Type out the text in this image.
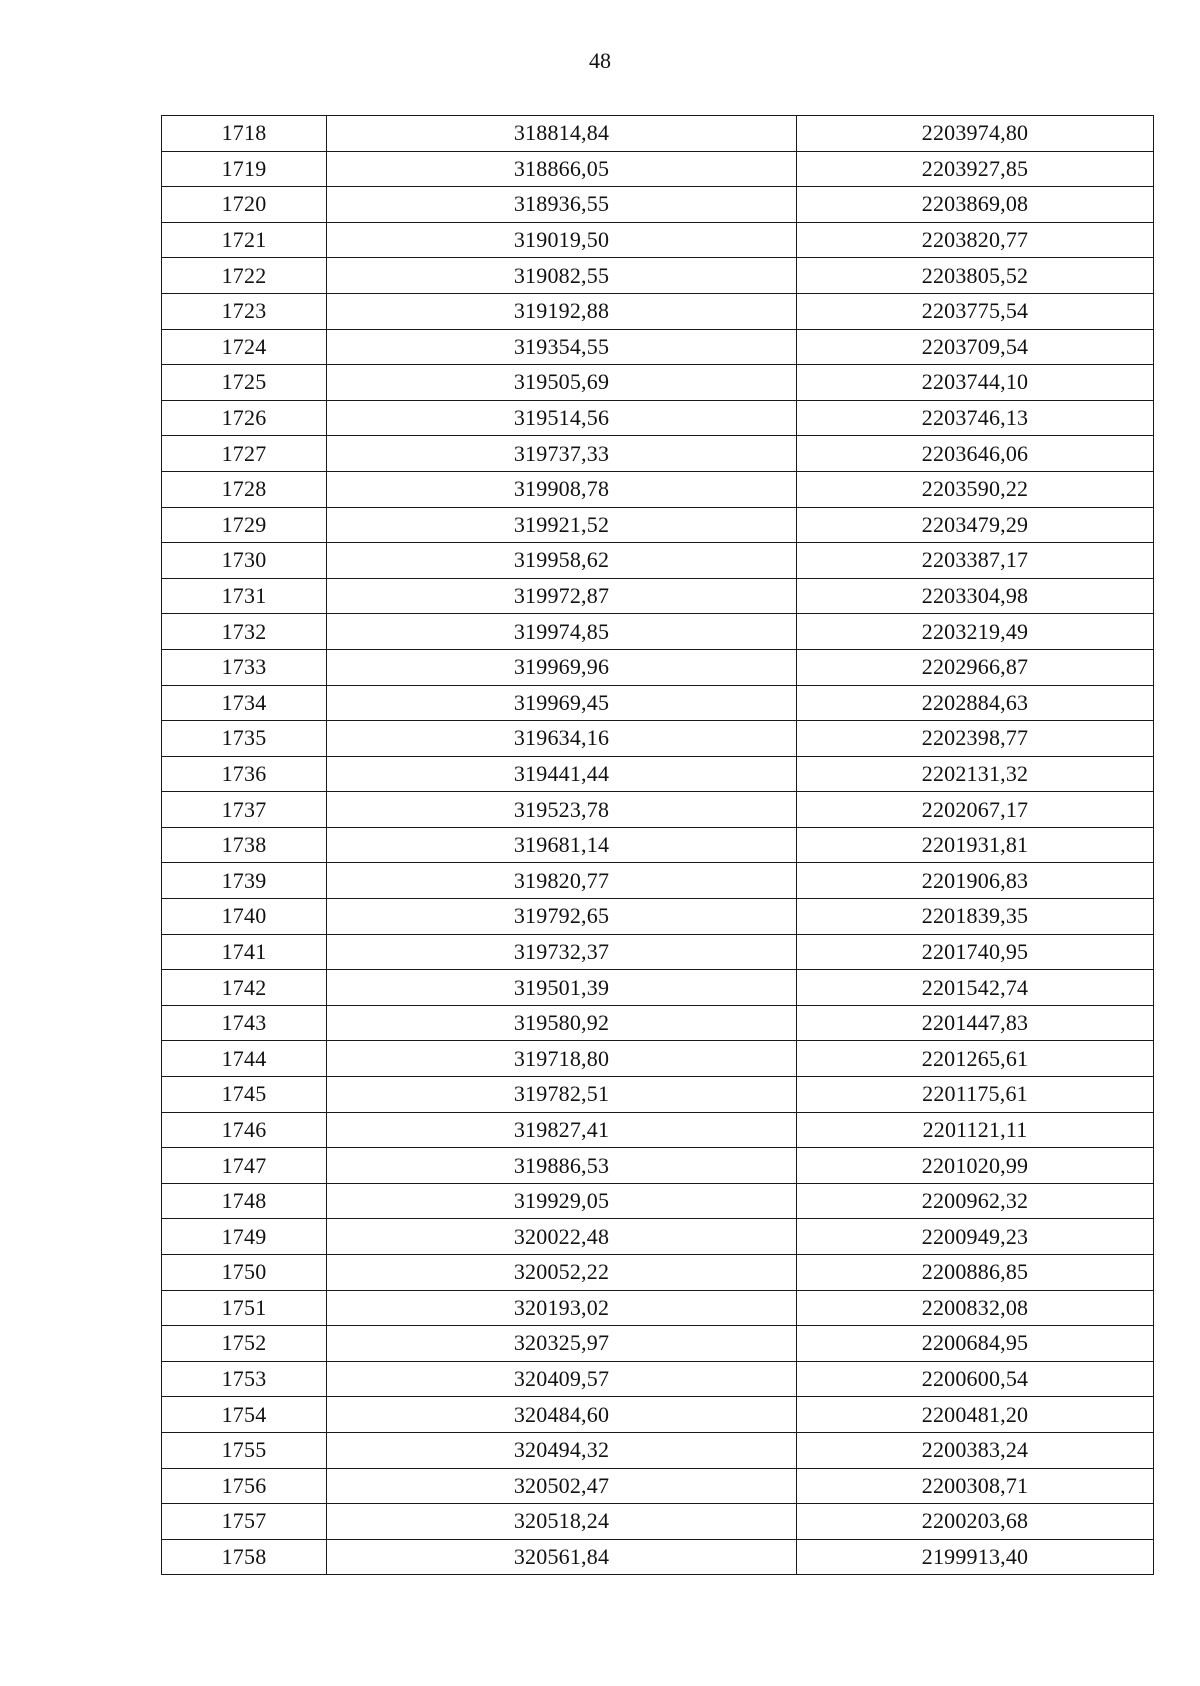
48
1718	318814,84	2203974,80
1719	318866,05	2203927,85
1720	318936,55	2203869,08
1721	319019,50	2203820,77
1722	319082,55	2203805,52
1723	319192,88	2203775,54
1724	319354,55	2203709,54
1725	319505,69	2203744,10
1726	319514,56	2203746,13
1727	319737,33	2203646,06
1728	319908,78	2203590,22
1729	319921,52	2203479,29
1730	319958,62	2203387,17
1731	319972,87	2203304,98
1732	319974,85	2203219,49
1733	319969,96	2202966,87
1734	319969,45	2202884,63
1735	319634,16	2202398,77
1736	319441,44	2202131,32
1737	319523,78	2202067,17
1738	319681,14	2201931,81
1739	319820,77	2201906,83
1740	319792,65	2201839,35
1741	319732,37	2201740,95
1742	319501,39	2201542,74
1743	319580,92	2201447,83
1744	319718,80	2201265,61
1745	319782,51	2201175,61
1746	319827,41	2201121,11
1747	319886,53	2201020,99
1748	319929,05	2200962,32
1749	320022,48	2200949,23
1750	320052,22	2200886,85
1751	320193,02	2200832,08
1752	320325,97	2200684,95
1753	320409,57	2200600,54
1754	320484,60	2200481,20
1755	320494,32	2200383,24
1756	320502,47	2200308,71
1757	320518,24	2200203,68
1758	320561,84	2199913,40
